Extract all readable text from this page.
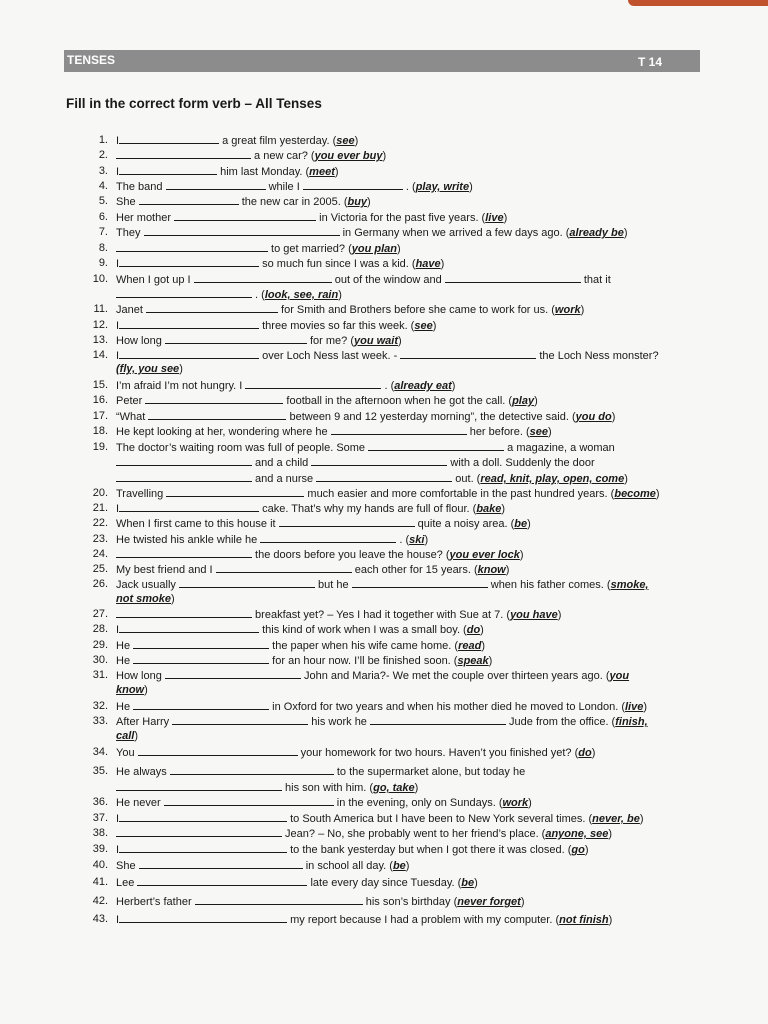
TENSES	T 14
Fill in the correct form verb – All Tenses
1. I	a great film yesterday. (see)
2.	a new car? (you ever buy)
3. I	him last Monday. (meet)
4. The band	while I	. (play, write)
5. She	the new car in 2005. (buy)
6. Her mother	in Victoria for the past five years. (live)
7. They	in Germany when we arrived a few days ago. (already be)
8.	to get married? (you plan)
9. I	so much fun since I was a kid. (have)
10. When I got up I	out of the window and	that it
. (look, see, rain)
11. Janet	for Smith and Brothers before she came to work for us. (work)
12. I	three movies so far this week. (see)
13. How long	for me? (you wait)
14. I	over Loch Ness last week. -	the Loch Ness monster?
(fly, you see)
15. I’m afraid I’m not hungry. I	. (already eat)
16. Peter	football in the afternoon when he got the call. (play)
17. “What	between 9 and 12 yesterday morning”, the detective said. (you do)
18. He kept looking at her, wondering where he	her before. (see)
19. The doctor’s waiting room was full of people. Some	a magazine, a woman
and a child	with a doll. Suddenly the door
and a nurse	out. (read, knit, play, open, come)
20. Travelling	much easier and more comfortable in the past hundred years. (become)
21. I	cake. That’s why my hands are full of flour. (bake)
22. When I first came to this house it	quite a noisy area. (be)
23. He twisted his ankle while he	. (ski)
24.	the doors before you leave the house? (you ever lock)
25. My best friend and I	each other for 15 years. (know)
26. Jack usually	but he	when his father comes. (smoke,
not smoke)
27.	breakfast yet? – Yes I had it together with Sue at 7. (you have)
28. I	this kind of work when I was a small boy. (do)
29. He	the paper when his wife came home. (read)
30. He	for an hour now. I’ll be finished soon. (speak)
31. How long	John and Maria?- We met the couple over thirteen years ago. (you
know)
32. He	in Oxford for two years and when his mother died he moved to London. (live)
33. After Harry	his work he	Jude from the office. (finish,
call)
34. You	your homework for two hours. Haven’t you finished yet? (do)
35. He always	to the supermarket alone, but today he
his son with him. (go, take)
36. He never	in the evening, only on Sundays. (work)
37. I	to South America but I have been to New York several times. (never, be)
38.	Jean? – No, she probably went to her friend’s place. (anyone, see)
39. I	to the bank yesterday but when I got there it was closed. (go)
40. She	in school all day. (be)
41. Lee	late every day since Tuesday. (be)
42. Herbert’s father	his son’s birthday (never forget)
43. I	my report because I had a problem with my computer. (not finish)
